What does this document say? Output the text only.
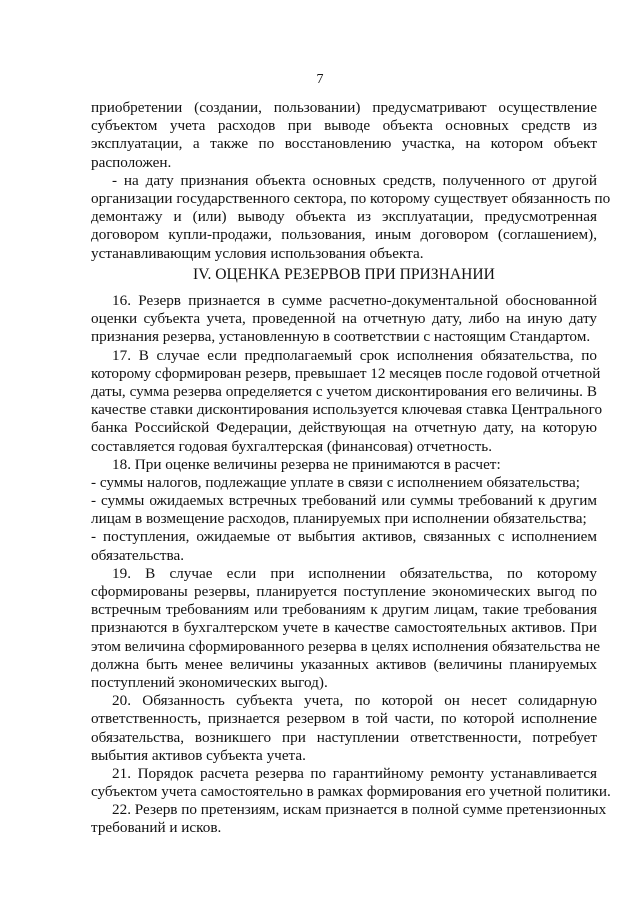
7
приобретении (создании, пользовании) предусматривают осуществление
субъектом учета расходов при выводе объекта основных средств из
эксплуатации, а также по восстановлению участка, на котором объект
расположен.
- на дату признания объекта основных средств, полученного от другой
организации государственного сектора, по которому существует обязанность по
демонтажу и (или) выводу объекта из эксплуатации, предусмотренная
договором купли-продажи, пользования, иным договором (соглашением),
устанавливающим условия использования объекта.
IV. ОЦЕНКА РЕЗЕРВОВ ПРИ ПРИЗНАНИИ
16. Резерв признается в сумме расчетно-документальной обоснованной
оценки субъекта учета, проведенной на отчетную дату, либо на иную дату
признания резерва, установленную в соответствии с настоящим Стандартом.
17. В случае если предполагаемый срок исполнения обязательства, по
которому сформирован резерв, превышает 12 месяцев после годовой отчетной
даты, сумма резерва определяется с учетом дисконтирования его величины. В
качестве ставки дисконтирования используется ключевая ставка Центрального
банка Российской Федерации, действующая на отчетную дату, на которую
составляется годовая бухгалтерская (финансовая) отчетность.
18. При оценке величины резерва не принимаются в расчет:
- суммы налогов, подлежащие уплате в связи с исполнением обязательства;
- суммы ожидаемых встречных требований или суммы требований к другим
лицам в возмещение расходов, планируемых при исполнении обязательства;
- поступления, ожидаемые от выбытия активов, связанных с исполнением
обязательства.
19. В случае если при исполнении обязательства, по которому
сформированы резервы, планируется поступление экономических выгод по
встречным требованиям или требованиям к другим лицам, такие требования
признаются в бухгалтерском учете в качестве самостоятельных активов. При
этом величина сформированного резерва в целях исполнения обязательства не
должна быть менее величины указанных активов (величины планируемых
поступлений экономических выгод).
20. Обязанность субъекта учета, по которой он несет солидарную
ответственность, признается резервом в той части, по которой исполнение
обязательства, возникшего при наступлении ответственности, потребует
выбытия активов субъекта учета.
21. Порядок расчета резерва по гарантийному ремонту устанавливается
субъектом учета самостоятельно в рамках формирования его учетной политики.
22. Резерв по претензиям, искам признается в полной сумме претензионных
требований и исков.
